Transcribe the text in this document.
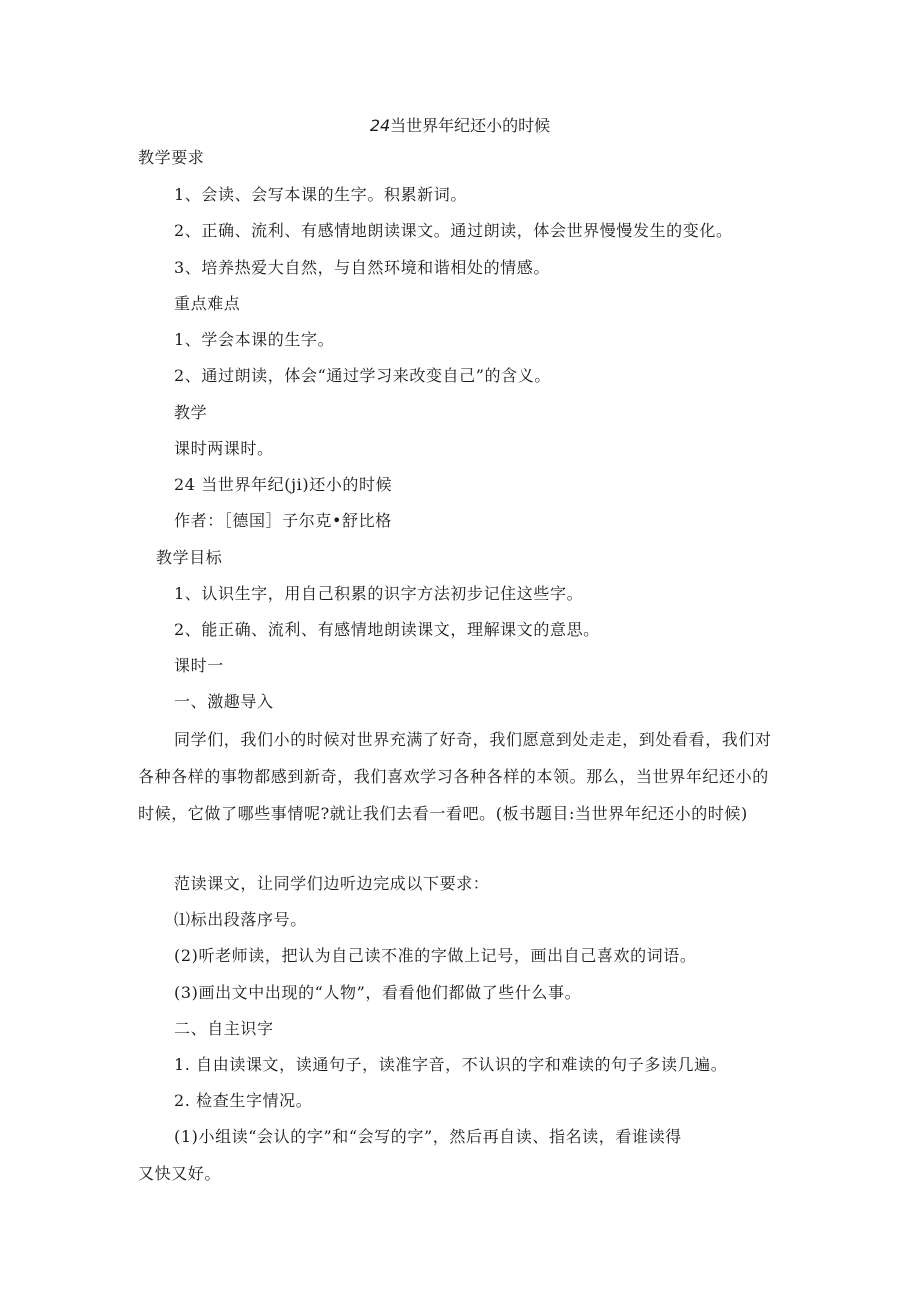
24当世界年纪还小的时候
教学要求
1、会读、会写本课的生字。积累新词。
2、正确、流利、有感情地朗读课文。通过朗读，体会世界慢慢发生的变化。
3、培养热爱大自然，与自然环境和谐相处的情感。
重点难点
1、学会本课的生字。
2、通过朗读，体会“通过学习来改变自己”的含义。
教学
课时两课时。
24 当世界年纪(ji)还小的时候
作者：［德国］子尔克•舒比格
教学目标
1、认识生字，用自己积累的识字方法初步记住这些字。
2、能正确、流利、有感情地朗读课文，理解课文的意思。
课时一
一、激趣导入
同学们，我们小的时候对世界充满了好奇，我们愿意到处走走，到处看看，我们对各种各样的事物都感到新奇，我们喜欢学习各种各样的本领。那么，当世界年纪还小的时候，它做了哪些事情呢?就让我们去看一看吧。(板书题目:当世界年纪还小的时候)
范读课文，让同学们边听边完成以下要求：
⑴标出段落序号。
(2)听老师读，把认为自己读不准的字做上记号，画出自己喜欢的词语。
(3)画出文中出现的“人物”，看看他们都做了些什么事。
二、自主识字
1. 自由读课文，读通句子，读准字音，不认识的字和难读的句子多读几遍。
2. 检查生字情况。
(1)小组读“会认的字”和“会写的字”，然后再自读、指名读，看谁读得
又快又好。
